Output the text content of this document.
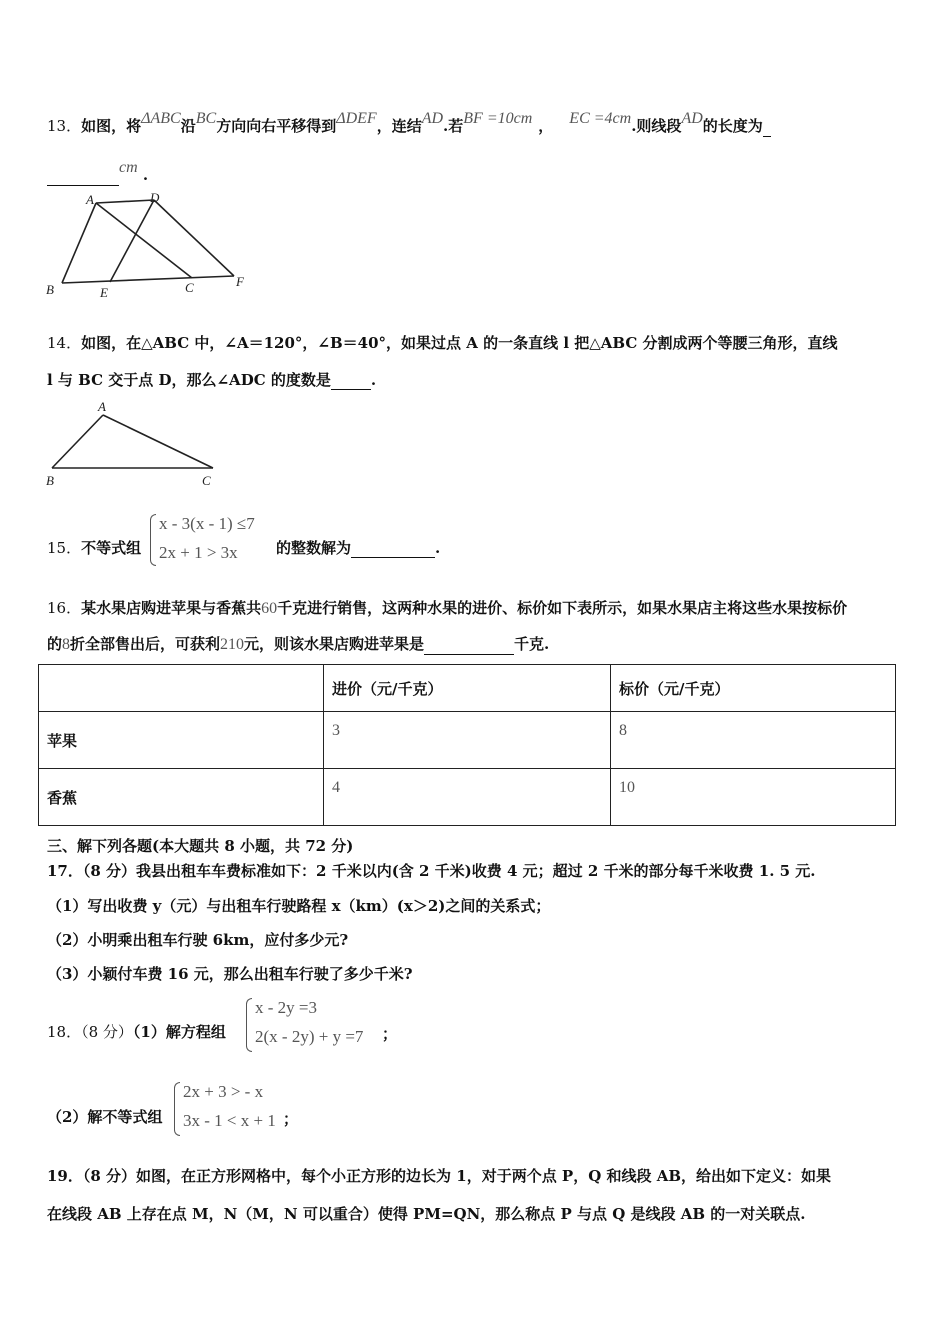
13．如图，将ΔABC沿BC方向向右平移得到ΔDEF，连结AD.若BF =10cm ， EC =4cm.则线段AD的长度为
cm .
A	D
B	E	C	F
14．如图，在△ABC 中，∠A＝120°，∠B＝40°，如果过点 A 的一条直线 l 把△ABC 分割成两个等腰三角形，直线
l 与 BC 交于点 D，那么∠ADC 的度数是	.
A
B	C
15．不等式组
x - 3(x - 1) ≤7
2x + 1 > 3x	的整数解为	.
16．某水果店购进苹果与香蕉共60千克进行销售，这两种水果的进价、标价如下表所示，如果水果店主将这些水果按标价
的8折全部售出后，可获利210元，则该水果店购进苹果是	千克.
	进价（元/千克）	标价（元/千克）
苹果	3	8
香蕉	4	10
三、解下列各题(本大题共 8 小题，共 72 分)
17．（8 分）我县出租车车费标准如下：2 千米以内(含 2 千米)收费 4 元；超过 2 千米的部分每千米收费 1. 5 元.
（1）写出收费 y（元）与出租车行驶路程 x（km）(x＞2)之间的关系式；
（2）小明乘出租车行驶 6km，应付多少元?
（3）小颖付车费 16 元，那么出租车行驶了多少千米?
18．（8 分）（1）解方程组
x - 2y =3
2(x - 2y) + y =7 ；
（2）解不等式组
2x + 3 > - x
3x - 1 < x + 1 ；
19．（8 分）如图，在正方形网格中，每个小正方形的边长为 1，对于两个点 P，Q 和线段 AB，给出如下定义：如果
在线段 AB 上存在点 M，N（M，N 可以重合）使得 PM=QN，那么称点 P 与点 Q 是线段 AB 的一对关联点.
